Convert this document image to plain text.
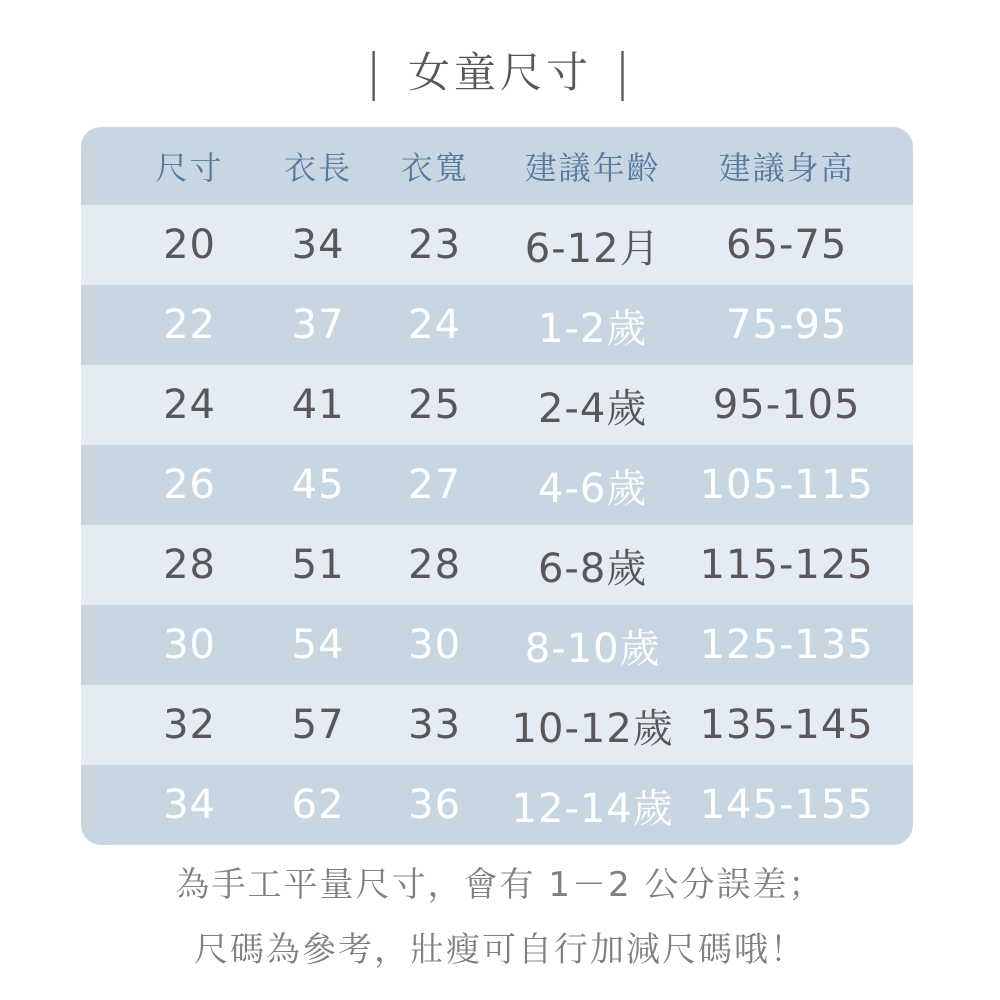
| 女童尺寸 |
尺寸	衣長	衣寬	建議年齡	建議身高
20	34	23	6-12月	65-75
22	37	24	1-2歲	75-95
24	41	25	2-4歲	95-105
26	45	27	4-6歲	105-115
28	51	28	6-8歲	115-125
30	54	30	8-10歲	125-135
32	57	33	10-12歲	135-145
34	62	36	12-14歲	145-155

為手工平量尺寸，會有 1－2 公分誤差；

尺碼為參考，壯瘦可自行加減尺碼哦！
